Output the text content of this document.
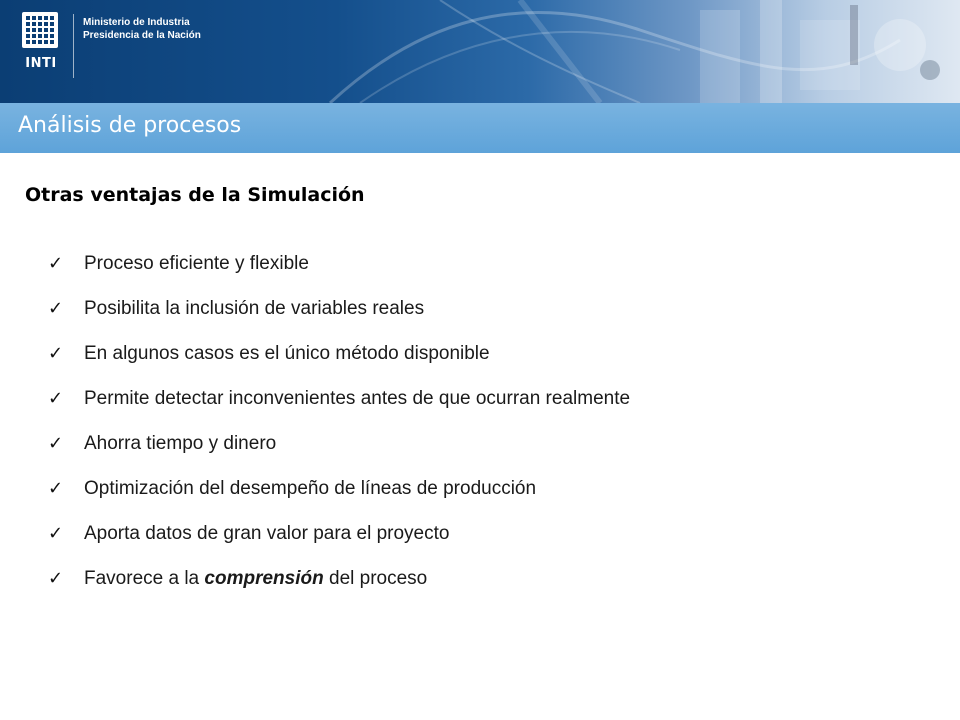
INTI
Ministerio de Industria
Presidencia de la Nación
Análisis de procesos
Otras ventajas de la Simulación
✓	Proceso eficiente y flexible
✓	Posibilita la inclusión de variables reales
✓	En algunos casos es el único método disponible
✓	Permite detectar inconvenientes antes de que ocurran realmente
✓	Ahorra tiempo y dinero
✓	Optimización del desempeño de líneas de producción
✓	Aporta datos de gran valor para el proyecto
✓	Favorece a la comprensión del proceso
